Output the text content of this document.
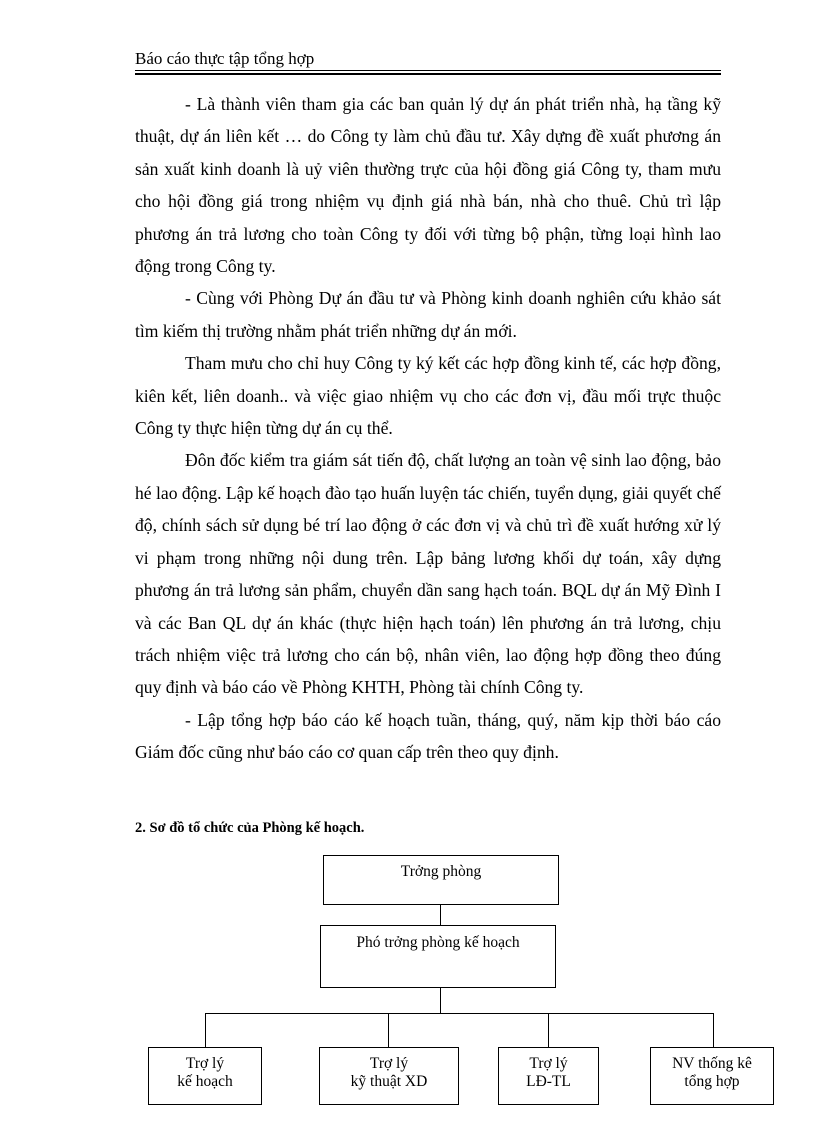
Báo cáo thực tập tổng hợp

- Là thành viên tham gia các ban quản lý dự án phát triển nhà, hạ tầng kỹ thuật, dự án liên kết … do Công ty làm chủ đầu tư. Xây dựng đề xuất phương án sản xuất kinh doanh là uỷ viên thường trực của hội đồng giá Công ty, tham mưu cho hội đồng giá trong nhiệm vụ định giá nhà bán, nhà cho thuê. Chủ trì lập phương án trả lương cho toàn Công ty đối với từng bộ phận, từng loại hình lao động trong Công ty.

- Cùng với Phòng Dự án đầu tư và Phòng kinh doanh nghiên cứu khảo sát tìm kiếm thị trường nhằm phát triển những dự án mới.

Tham mưu cho chỉ huy Công ty ký kết các hợp đồng kinh tế, các hợp đồng, kiên kết, liên doanh.. và việc giao nhiệm vụ cho các đơn vị, đầu mối trực thuộc Công ty thực hiện từng dự án cụ thể.

Đôn đốc kiểm tra giám sát tiến độ, chất lượng an toàn vệ sinh lao động, bảo hé lao động. Lập kế hoạch đào tạo huấn luyện tác chiến, tuyển dụng, giải quyết chế độ, chính sách sử dụng bé trí lao động ở các đơn vị và chủ trì đề xuất hướng xử lý vi phạm trong những nội dung trên. Lập bảng lương khối dự toán, xây dựng phương án trả lương sản phẩm, chuyển dần sang hạch toán. BQL dự án Mỹ Đình I và các Ban QL dự án khác (thực hiện hạch toán) lên phương án trả lương, chịu trách nhiệm việc trả lương cho cán bộ, nhân viên, lao động hợp đồng theo đúng quy định và báo cáo về Phòng KHTH, Phòng tài chính Công ty.

- Lập tổng hợp báo cáo kế hoạch tuần, tháng, quý, năm kịp thời báo cáo Giám đốc cũng như báo cáo cơ quan cấp trên theo quy định.

2. Sơ đồ tổ chức của Phòng kế hoạch.
Trởng phòng
Phó trởng phòng kế hoạch
Trợ lý
kế hoạch
Trợ lý
kỹ thuật XD
Trợ lý
LĐ-TL
NV thống kê
tổng hợp
